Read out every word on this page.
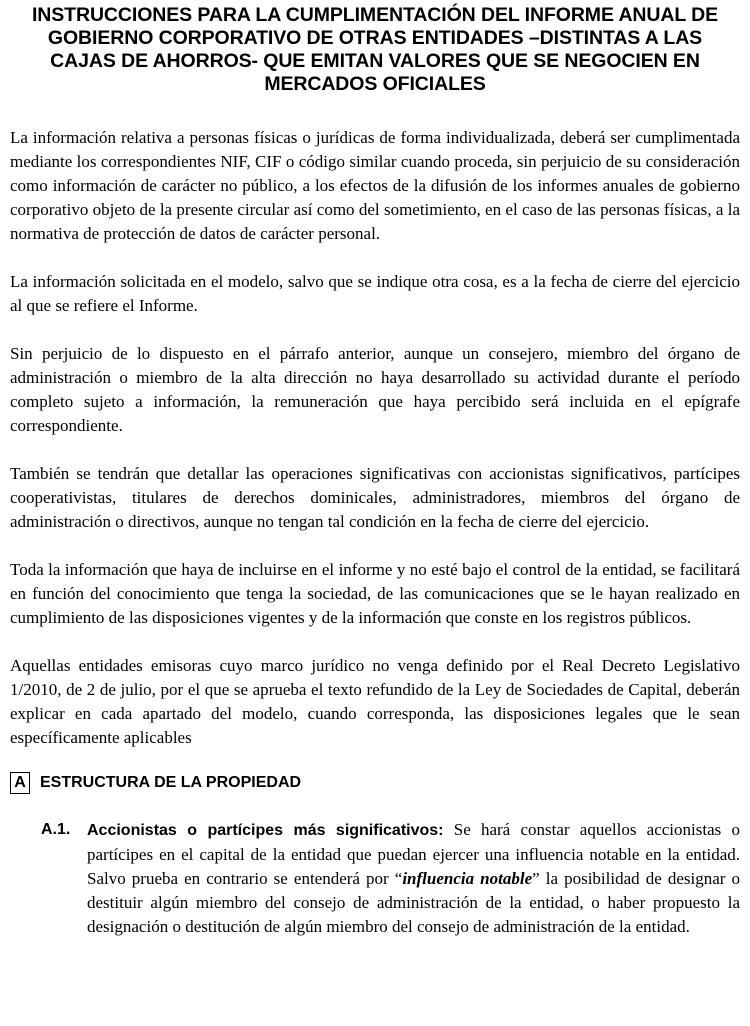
INSTRUCCIONES PARA LA CUMPLIMENTACIÓN DEL INFORME ANUAL DE GOBIERNO CORPORATIVO DE OTRAS ENTIDADES –DISTINTAS A LAS CAJAS DE AHORROS- QUE EMITAN VALORES QUE SE NEGOCIEN EN MERCADOS OFICIALES

La información relativa a personas físicas o jurídicas de forma individualizada, deberá ser cumplimentada mediante los correspondientes NIF, CIF o código similar cuando proceda, sin perjuicio de su consideración como información de carácter no público, a los efectos de la difusión de los informes anuales de gobierno corporativo objeto de la presente circular así como del sometimiento, en el caso de las personas físicas, a la normativa de protección de datos de carácter personal.

La información solicitada en el modelo, salvo que se indique otra cosa, es a la fecha de cierre del ejercicio al que se refiere el Informe.

Sin perjuicio de lo dispuesto en el párrafo anterior, aunque un consejero, miembro del órgano de administración o miembro de la alta dirección no haya desarrollado su actividad durante el período completo sujeto a información, la remuneración que haya percibido será incluida en el epígrafe correspondiente.

También se tendrán que detallar las operaciones significativas con accionistas significativos, partícipes cooperativistas, titulares de derechos dominicales, administradores, miembros del órgano de administración o directivos, aunque no tengan tal condición en la fecha de cierre del ejercicio.

Toda la información que haya de incluirse en el informe y no esté bajo el control de la entidad, se facilitará en función del conocimiento que tenga la sociedad, de las comunicaciones que se le hayan realizado en cumplimiento de las disposiciones vigentes y de la información que conste en los registros públicos.

Aquellas entidades emisoras cuyo marco jurídico no venga definido por el Real Decreto Legislativo 1/2010, de 2 de julio, por el que se aprueba el texto refundido de la Ley de Sociedades de Capital, deberán explicar en cada apartado del modelo, cuando corresponda, las disposiciones legales que le sean específicamente aplicables

A ESTRUCTURA DE LA PROPIEDAD
A.1.	Accionistas o partícipes más significativos: Se hará constar aquellos accionistas o partícipes en el capital de la entidad que puedan ejercer una influencia notable en la entidad. Salvo prueba en contrario se entenderá por “influencia notable” la posibilidad de designar o destituir algún miembro del consejo de administración de la entidad, o haber propuesto la designación o destitución de algún miembro del consejo de administración de la entidad.
